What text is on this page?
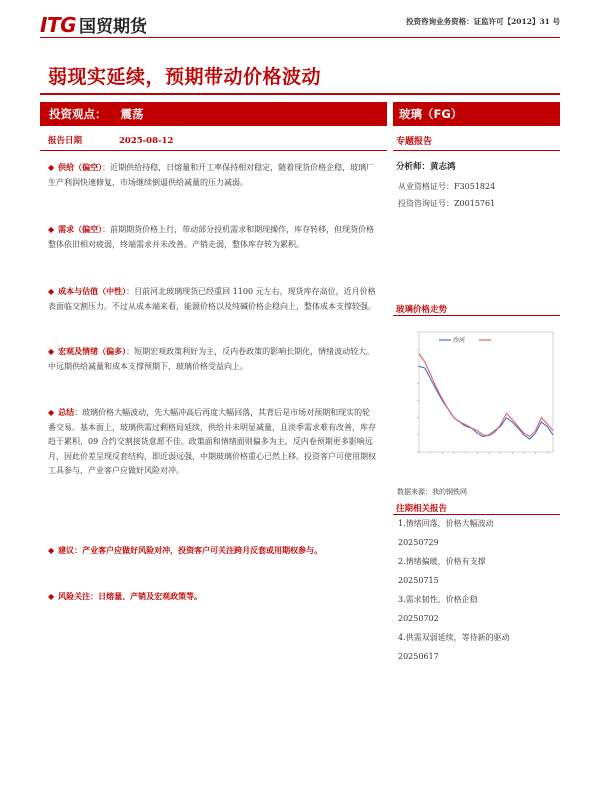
ITG 国贸期货	投资咨询业务资格：证监许可【2012】31 号
弱现实延续，预期带动价格波动
投资观点： 震荡	玻璃（FG）
报告日期	2025-08-12	专题报告
◆ 供给（偏空）：近期供给持稳，日熔量和开工率保持相对稳定，随着现货价格企稳，玻璃厂生产利润快速修复，市场继续倒逼供给减量的压力减弱。
◆ 需求（偏空）：前期期货价格上行，带动部分投机需求和期现操作，库存转移，但现货价格整体依旧相对疲弱，终端需求并未改善。产销走弱，整体库存转为累积。
◆ 成本与估值（中性）：目前河北玻璃现货已经重回 1100 元左右，现货库存高位，近月价格表面临交割压力。不过从成本端来看，能源价格以及纯碱价格企稳向上，整体成本支撑较强。
◆ 宏观及情绪（偏多）：短期宏观政策利好为主，反内卷政策的影响长期化，情绪波动较大。中远期供给减量和成本支撑预期下，玻璃价格受益向上。
◆ 总结：玻璃价格大幅波动，先大幅冲高后再度大幅回落，其背后是市场对预期和现实的轮番交易。基本面上，玻璃供需过剩格局延续，供给并未明显减量，且淡季需求难有改善，库存趋于累积，09 合约交割接货意愿不佳。政策面和情绪面则偏多为主，反内卷预期更多影响远月，因此价差呈现反套结构，即近弱远强，中期玻璃价格重心已然上移。投资客户可使用期权工具参与，产业客户应做好风险对冲。
◆ 建议：产业客户应做好风险对冲，投资客户可关注跨月反套或用期权参与。
◆ 风险关注：日熔量、产销及宏观政策等。
分析师：黄志鸿
从业资格证号：F3051824
投资咨询证号：Z0015761
玻璃价格走势
沙河
数据来源：我的钢铁网
往期相关报告
1.情绪回落，价格大幅波动
20250729
2.情绪偏暖，价格有支撑
20250715
3.需求韧性，价格企稳
20250702
4.供需双弱延续，等待新的驱动
20250617
